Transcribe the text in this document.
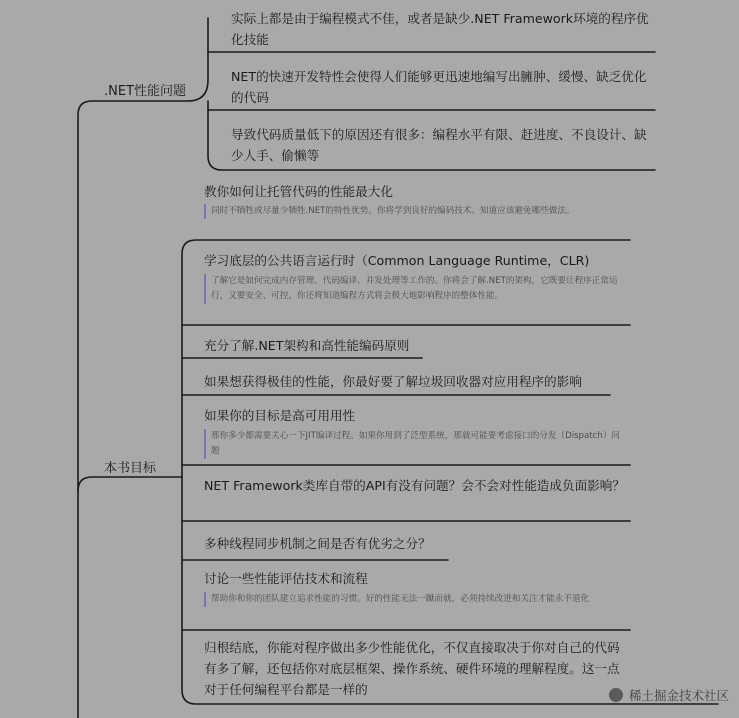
.NET性能问题
本书目标
实际上都是由于编程模式不佳，或者是缺少.NET Framework环境的程序优化技能
NET的快速开发特性会使得人们能够更迅速地编写出臃肿、缓慢、缺乏优化的代码
导致代码质量低下的原因还有很多：编程水平有限、赶进度、不良设计、缺少人手、偷懒等
教你如何让托管代码的性能最大化
同时不牺牲或尽量少牺牲.NET的特性优势。你将学到良好的编码技术、知道应该避免哪些做法。
学习底层的公共语言运行时（Common Language Runtime，CLR)
了解它是如何完成内存管理、代码编译、并发处理等工作的。你将会了解.NET的架构，它既要让程序正常运行，又要安全、可控。你还将知道编程方式将会极大地影响程序的整体性能。
充分了解.NET架构和高性能编码原则
如果想获得极佳的性能，你最好要了解垃圾回收器对应用程序的影响
如果你的目标是高可用用性
那你多少都需要关心一下JIT编译过程。如果你用到了泛型系统，那就可能要考虑接口的分发（Dispatch）问题
NET Framework类库自带的API有没有问题？会不会对性能造成负面影响？
多种线程同步机制之间是否有优劣之分？
讨论一些性能评估技术和流程
帮助你和你的团队建立追求性能的习惯。好的性能无法一蹴而就，必须持续改进和关注才能永不退化
归根结底，你能对程序做出多少性能优化，不仅直接取决于你对自己的代码有多了解，还包括你对底层框架、操作系统、硬件环境的理解程度。这一点对于任何编程平台都是一样的	稀土掘金技术社区
